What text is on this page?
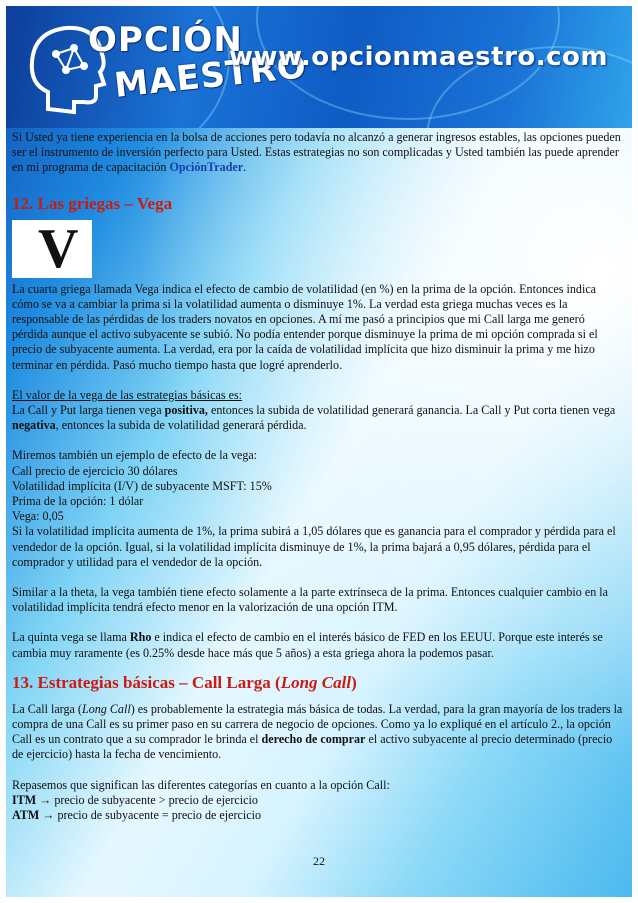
OPCIÓN
MAESTRO
www.opcionmaestro.com

Si Usted ya tiene experiencia en la bolsa de acciones pero todavía no alcanzó a generar ingresos estables, las opciones pueden ser el instrumento de inversión perfecto para Usted. Estas estrategias no son complicadas y Usted también las puede aprender en mi programa de capacitación OpciónTrader.

12. Las griegas – Vega
V

La cuarta griega llamada Vega indica el efecto de cambio de volatilidad (en %) en la prima de la opción. Entonces indica cómo se va a cambiar la prima si la volatilidad aumenta o disminuye 1%. La verdad esta griega muchas veces es la responsable de las pérdidas de los traders novatos en opciones. A mí me pasó a principios que mi Call larga me generó pérdida aunque el activo subyacente se subió. No podía entender porque disminuye la prima de mi opción comprada si el precio de subyacente aumenta. La verdad, era por la caída de volatilidad implícita que hizo disminuir la prima y me hizo terminar en pérdida. Pasó mucho tiempo hasta que logré aprenderlo.

El valor de la vega de las estrategias básicas es:

La Call y Put larga tienen vega positiva, entonces la subida de volatilidad generará ganancia. La Call y Put corta tienen vega negativa, entonces la subida de volatilidad generará pérdida.

Miremos también un ejemplo de efecto de la vega:

Call precio de ejercicio 30 dólares

Volatilidad implícita (I/V) de subyacente MSFT: 15%

Prima de la opción: 1 dólar

Vega: 0,05

Si la volatilidad implícita aumenta de 1%, la prima subirá a 1,05 dólares que es ganancia para el comprador y pérdida para el vendedor de la opción. Igual, si la volatilidad implícita disminuye de 1%, la prima bajará a 0,95 dólares, pérdida para el comprador y utilidad para el vendedor de la opción.

Similar a la theta, la vega también tiene efecto solamente a la parte extrínseca de la prima. Entonces cualquier cambio en la volatilidad implícita tendrá efecto menor en la valorización de una opción ITM.

La quinta vega se llama Rho e indica el efecto de cambio en el interés básico de FED en los EEUU. Porque este interés se cambia muy raramente (es 0.25% desde hace más que 5 años) a esta griega ahora la podemos pasar.

13. Estrategias básicas – Call Larga (Long Call)

La Call larga (Long Call) es probablemente la estrategia más básica de todas. La verdad, para la gran mayoría de los traders la compra de una Call es su primer paso en su carrera de negocio de opciones. Como ya lo expliqué en el artículo 2., la opción Call es un contrato que a su comprador le brinda el derecho de comprar el activo subyacente al precio determinado (precio de ejercicio) hasta la fecha de vencimiento.

Repasemos que significan las diferentes categorías en cuanto a la opción Call:

ITM → precio de subyacente > precio de ejercicio

ATM → precio de subyacente = precio de ejercicio

22
